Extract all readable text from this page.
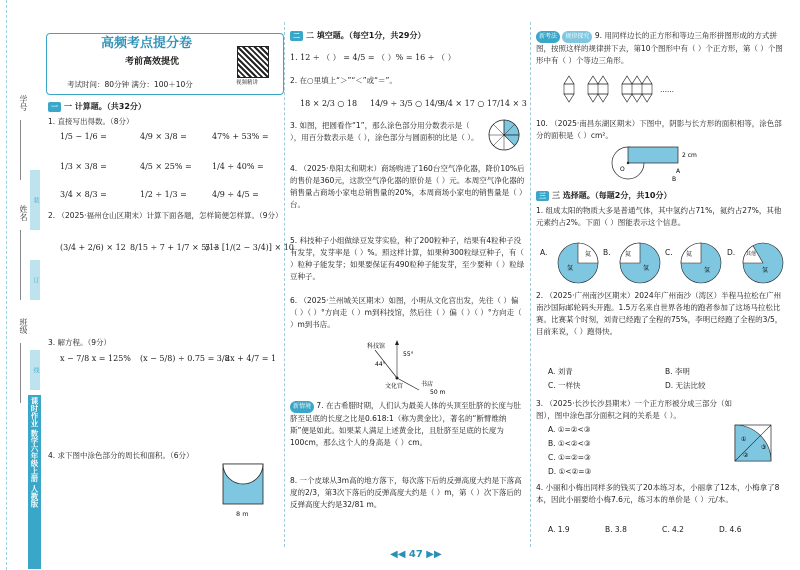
学号
姓名
班级
装
订
线
课时作业 数学六年级上册 人教版
高频考点提分卷
考前高效提优
考试时间：80分钟 满分：100＋10分	视频精讲
一 一 计算题。（共32分）
1. 直接写出得数。（8分）
1/5 − 1/6 =	4/9 × 3/8 =	47% + 53% =
1/3 × 3/8 =	4/5 × 25% =	1/4 ÷ 40% =
3/4 × 8/3 =	1/2 ÷ 1/3 =	4/9 ÷ 4/5 =
2. （2025·福州仓山区期末）计算下面各题，怎样简便怎样算。（9分）
(3/4 + 2/6) × 12 8/15 ÷ 7 + 1/7 × 5/13
5 ÷ [1/(2 − 3/4)] × 10
3. 解方程。（9分）
x − 7/8 x = 125% (x − 5/8) ÷ 0.75 = 3/8
2x + 4/7 = 1
4. 求下图中涂色部分的周长和面积。（6分）
8 m
二 二 填空题。（每空1分，共29分）
1. 12 ÷ （ ） = 4/5 = （ ）% = 16 ÷ （ ）
2. 在○里填上“＞”“＜”或“＝”。
18 × 2/3 ○ 18 14/9 ÷ 3/5 ○ 14/9
3/4 × 17 ○ 17/14 × 3
3. 如图，把圆看作“1”，那么涂色部分用分数表示是（ ），用百分数表示是（ ），涂色部分与圆面积的比是（ ）。
4. （2025·阜阳太和期末）商场购进了160台空气净化器，降价10%后的售价是360元，这款空气净化器的原价是（ ）元。本周空气净化器的销售量占商场小家电总销售量的20%，本周商场小家电的销售量是（ ）台。
5. 科技种子小组做绿豆发芽实验，种了200粒种子，结果有4粒种子没有发芽，发芽率是（ ）%。照这样计算，如果种300粒绿豆种子，有（ ）粒种子能发芽；如果要保证有490粒种子能发芽，至少要种（ ）粒绿豆种子。
6. （2025·兰州城关区期末）如图，小明从文化宫出发，先往（ ）偏（ ）（ ）°方向走（ ）m到科技馆，然后往（ ）偏（ ）（ ）°方向走（ ）m到书店。
科技馆
44°
55°
文化宫	书店
50 m
新情境 7. 在古希腊时期，人们认为最美人体的头顶至肚脐的长度与肚脐至足底的长度之比是0.618:1（称为黄金比），著名的“断臂维纳斯”便是如此。如果某人满足上述黄金比，且肚脐至足底的长度为100cm，那么这个人的身高是（ ）cm。
8. 一个皮球从3m高的地方落下，每次落下后的反弹高度大约是下落高度的2/3，第3次下落后的反弹高度大约是（ ）m，第（ ）次下落后的反弹高度大约是32/81 m。
新考法 规律探究 9. 用同样边长的正方形和等边三角形拼图形成的方式拼图，按照这样的规律拼下去，第10个图形中有（ ）个正方形，第（ ）个图形中有（ ）个等边三角形。
……
10. （2025·南昌东湖区期末）下图中，阴影与长方形的面积相等，涂色部分的面积是（ ）cm²。
O	A
2 cm
B
三 三 选择题。（每题2分，共10分）
1. 组成太阳的物质大多是普通气体，其中氢约占71%，氦约占27%，其他元素约占2%。下面（ ）图能表示这个信息。
A.
氢
氦 B.
氢
氦	C.
氢
氦	D. 其他
氢
2. （2025·广州南沙区期末）2024年广州南沙（湾区）半程马拉松在广州南沙国际邮轮码头开跑。1.5万名来自世界各地的跑者参加了这场马拉松比赛。比赛某个时刻，刘青已经跑了全程的75%，李明已经跑了全程的3/5，目前来说，（ ）跑得快。
A. 刘青	B. 李明
C. 一样快	D. 无法比较
3. （2025·长沙长沙县期末）一个正方形被分成三部分（如图），图中涂色部分面积之间的关系是（ ）。
A. ①=②<③
B. ①<②<③
C. ①=②=③
D. ①<②=③
①
②
③
4. 小丽和小梅出同样多的钱买了20本练习本，小丽拿了12本，小梅拿了8本，因此小丽要给小梅7.6元，练习本的单价是（ ）元/本。
A. 1.9	B. 3.8	C. 4.2	D. 4.6
◀◀ 47 ▶▶
